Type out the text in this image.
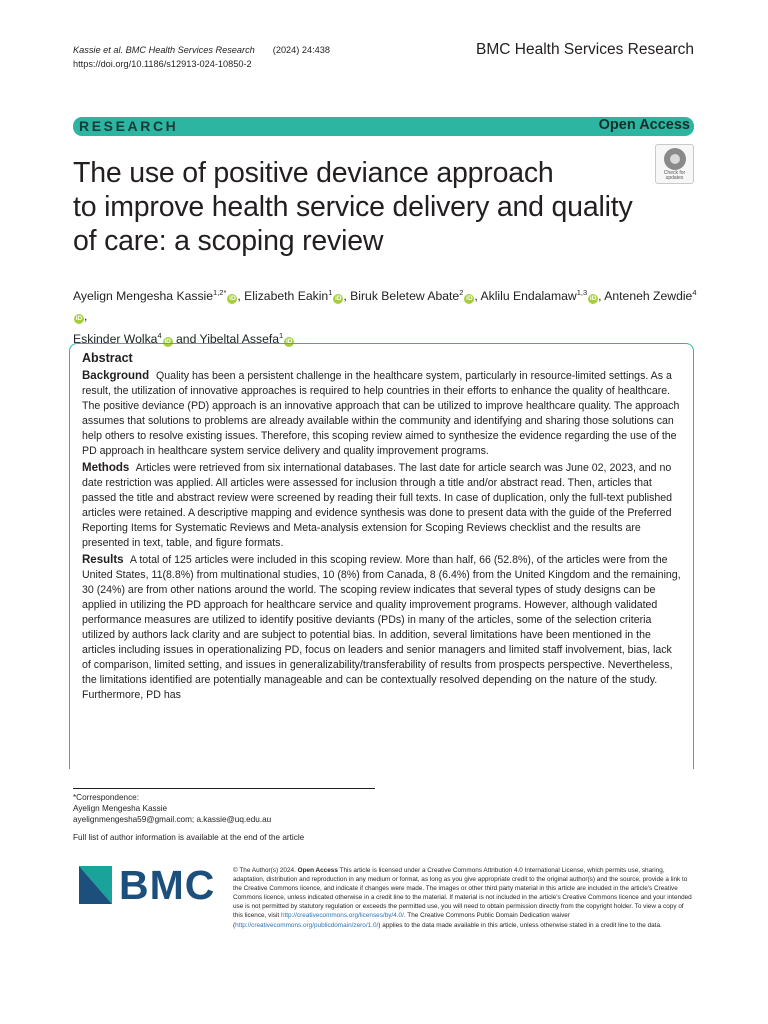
Kassie et al. BMC Health Services Research (2024) 24:438
https://doi.org/10.1186/s12913-024-10850-2
BMC Health Services Research
RESEARCH	Open Access
The use of positive deviance approach
to improve health service delivery and quality
of care: a scoping review
Check for
updates
Ayelign Mengesha Kassie$^{1,2*}$iD , Elizabeth Eakin$^1$iD , Biruk Beletew Abate$^2$iD , Aklilu Endalamaw$^{1,3}$iD , Anteneh Zewdie$^4$iD ,
Eskinder Wolka$^4$iD and Yibeltal Assefa$^1$iD
Abstract

Background Quality has been a persistent challenge in the healthcare system, particularly in resource-limited settings. As a result, the utilization of innovative approaches is required to help countries in their efforts to enhance the quality of healthcare. The positive deviance (PD) approach is an innovative approach that can be utilized to improve healthcare quality. The approach assumes that solutions to problems are already available within the community and identifying and sharing those solutions can help others to resolve existing issues. Therefore, this scoping review aimed to synthesize the evidence regarding the use of the PD approach in healthcare system service delivery and quality improvement programs.

Methods Articles were retrieved from six international databases. The last date for article search was June 02, 2023, and no date restriction was applied. All articles were assessed for inclusion through a title and/or abstract read. Then, articles that passed the title and abstract review were screened by reading their full texts. In case of duplication, only the full-text published articles were retained. A descriptive mapping and evidence synthesis was done to present data with the guide of the Preferred Reporting Items for Systematic Reviews and Meta-analysis extension for Scoping Reviews checklist and the results are presented in text, table, and figure formats.

Results A total of 125 articles were included in this scoping review. More than half, 66 (52.8%), of the articles were from the United States, 11(8.8%) from multinational studies, 10 (8%) from Canada, 8 (6.4%) from the United Kingdom and the remaining, 30 (24%) are from other nations around the world. The scoping review indicates that several types of study designs can be applied in utilizing the PD approach for healthcare service and quality improvement programs. However, although validated performance measures are utilized to identify positive deviants (PDs) in many of the articles, some of the selection criteria utilized by authors lack clarity and are subject to potential bias. In addition, several limitations have been mentioned in the articles including issues in operationalizing PD, focus on leaders and senior managers and limited staff involvement, bias, lack of comparison, limited setting, and issues in generalizability/transferability of results from prospects perspective. Nevertheless, the limitations identified are potentially manageable and can be contextually resolved depending on the nature of the study. Furthermore, PD has

*Correspondence:
Ayelign Mengesha Kassie
ayelignmengesha59@gmail.com; a.kassie@uq.edu.au
Full list of author information is available at the end of the article
BMC	© The Author(s) 2024. Open Access This article is licensed under a Creative Commons Attribution 4.0 International License, which permits use, sharing, adaptation, distribution and reproduction in any medium or format, as long as you give appropriate credit to the original author(s) and the source, provide a link to the Creative Commons licence, and indicate if changes were made. The images or other third party material in this article are included in the article's Creative Commons licence, unless indicated otherwise in a credit line to the material. If material is not included in the article's Creative Commons licence and your intended use is not permitted by statutory regulation or exceeds the permitted use, you will need to obtain permission directly from the copyright holder. To view a copy of this licence, visit http://creativecommons.org/licenses/by/4.0/. The Creative Commons Public Domain Dedication waiver (http://creativecommons.org/publicdomain/zero/1.0/) applies to the data made available in this article, unless otherwise stated in a credit line to the data.
